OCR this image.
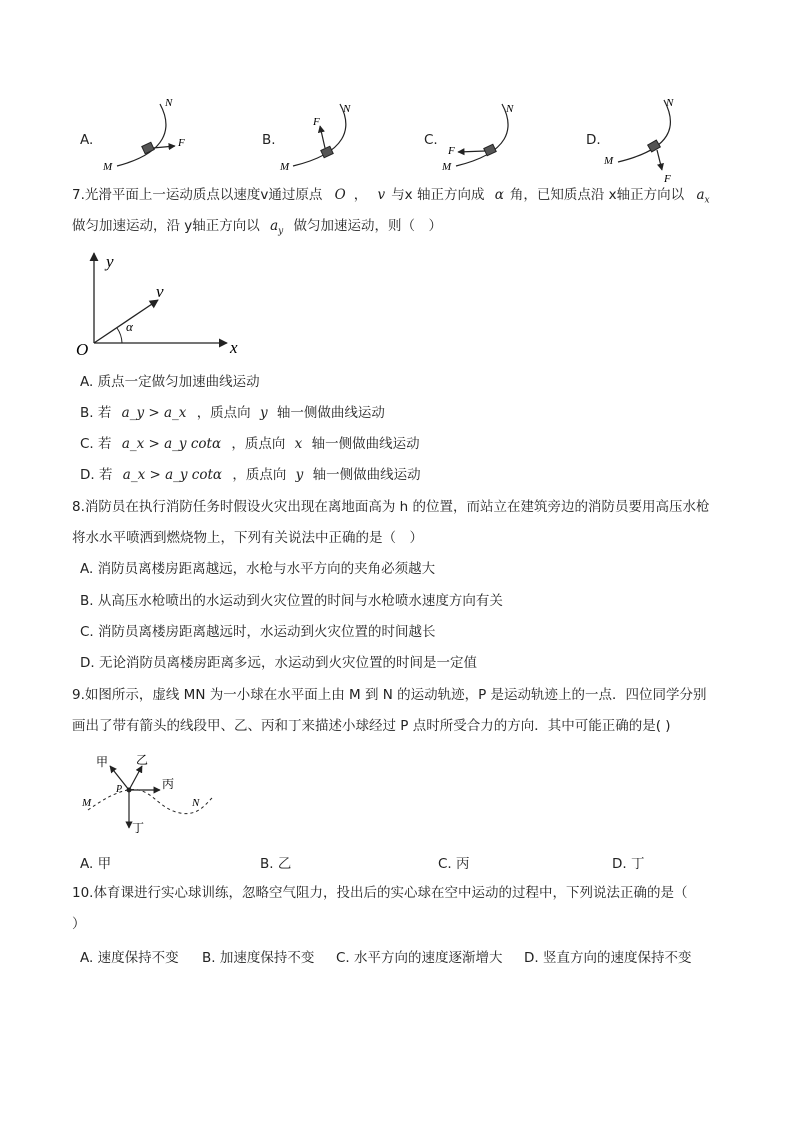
A.
N
M
F	B.
N
M
F
C.
N
M
F
D.
N
M
F
7.光滑平面上一运动质点以速度v通过原点 O ， v 与x 轴正方向成 α 角，已知质点沿 x轴正方向以 $a_x$
做匀加速运动，沿 y轴正方向以 $a_y$ 做匀加速运动，则（　）
y
x
O
v
α
A. 质点一定做匀加速曲线运动
B. 若 a_y > a_x ，质点向 y 轴一侧做曲线运动
C. 若 a_x > a_y cotα ，质点向 x 轴一侧做曲线运动
D. 若 a_x > a_y cotα ，质点向 y 轴一侧做曲线运动
8.消防员在执行消防任务时假设火灾出现在离地面高为 h 的位置，而站立在建筑旁边的消防员要用高压水枪
将水水平喷洒到燃烧物上，下列有关说法中正确的是（　）
A. 消防员离楼房距离越远，水枪与水平方向的夹角必须越大
B. 从高压水枪喷出的水运动到火灾位置的时间与水枪喷水速度方向有关
C. 消防员离楼房距离越远时，水运动到火灾位置的时间越长
D. 无论消防员离楼房距离多远，水运动到火灾位置的时间是一定值
9.如图所示，虚线 MN 为一小球在水平面上由 M 到 N 的运动轨迹，P 是运动轨迹上的一点．四位同学分别
画出了带有箭头的线段甲、乙、丙和丁来描述小球经过 P 点时所受合力的方向．其中可能正确的是( )
甲 乙
丙
丁
P
M	N
A. 甲	B. 乙	C. 丙	D. 丁
10.体育课进行实心球训练，忽略空气阻力，投出后的实心球在空中运动的过程中，下列说法正确的是（
）
A. 速度保持不变 B. 加速度保持不变 C. 水平方向的速度逐渐增大 D. 竖直方向的速度保持不变
